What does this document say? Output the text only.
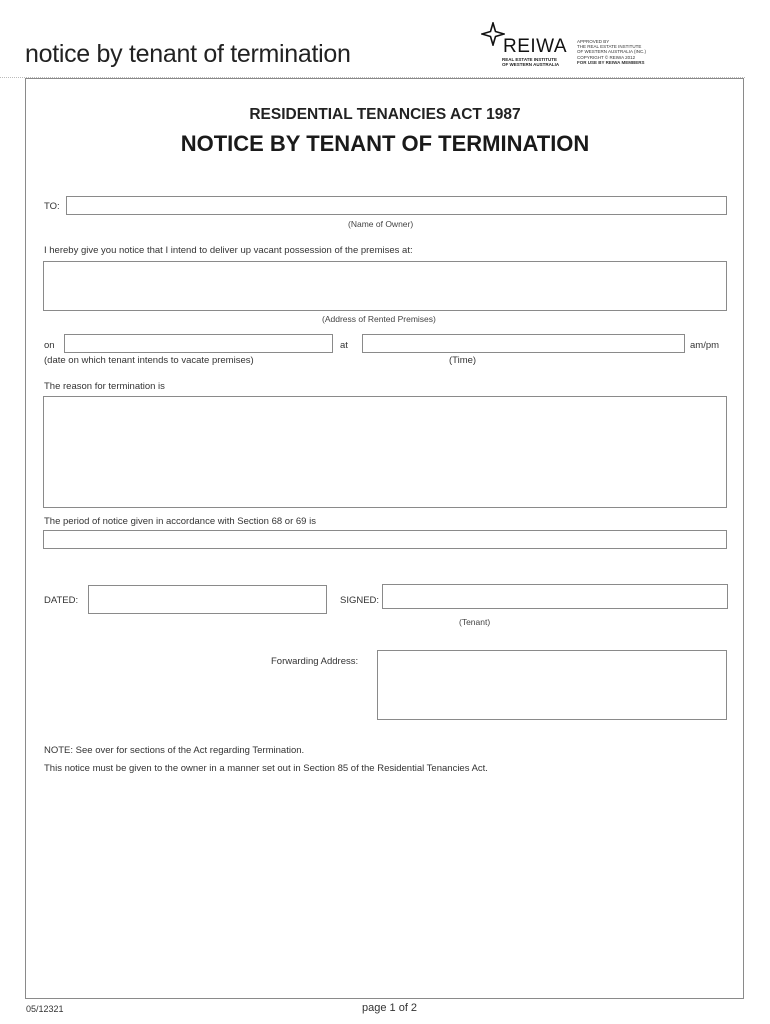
notice by tenant of termination	REIWA
REAL ESTATE INSTITUTE
OF WESTERN AUSTRALIA
APPROVED BY
THE REAL ESTATE INSTITUTE
OF WESTERN AUSTRALIA (INC.)
COPYRIGHT © REIWA 2012
FOR USE BY REIWA MEMBERS
RESIDENTIAL TENANCIES ACT 1987
NOTICE BY TENANT OF TERMINATION
TO:
(Name of Owner)
I hereby give you notice that I intend to deliver up vacant possession of the premises at:
(Address of Rented Premises)
on	at	am/pm
(date on which tenant intends to vacate premises)	(Time)
The reason for termination is
The period of notice given in accordance with Section 68 or 69 is
DATED:	SIGNED:
(Tenant)
Forwarding Address:
NOTE: See over for sections of the Act regarding Termination.
This notice must be given to the owner in a manner set out in Section 85 of the Residential Tenancies Act.
05/12321	page 1 of 2
